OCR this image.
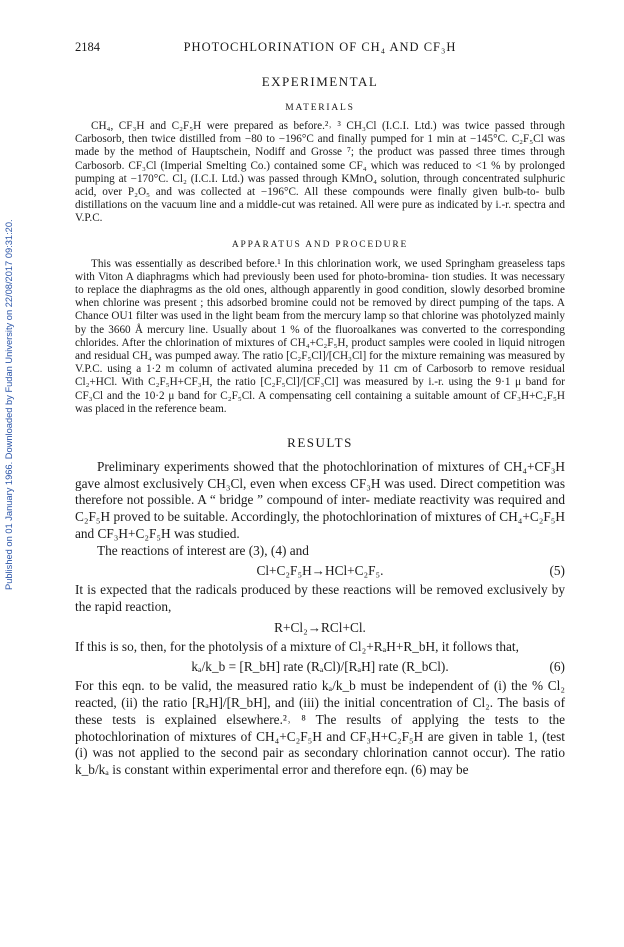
Published on 01 January 1966. Downloaded by Fudan University on 22/08/2017 09:31:20.
2184	PHOTOCHLORINATION OF CH₄ AND CF₃H
EXPERIMENTAL
MATERIALS

CH₄, CF₃H and C₂F₅H were prepared as before.²˒ ³ CH₃Cl (I.C.I. Ltd.) was twice passed through Carbosorb, then twice distilled from −80 to −196°C and finally pumped for 1 min at −145°C. C₂F₅Cl was made by the method of Hauptschein, Nodiff and Grosse ⁷; the product was passed three times through Carbosorb. CF₃Cl (Imperial Smelting Co.) contained some CF₄ which was reduced to <1 % by prolonged pumping at −170°C. Cl₂ (I.C.I. Ltd.) was passed through KMnO₄ solution, through concentrated sulphuric acid, over P₂O₅ and was collected at −196°C. All these compounds were finally given bulb-to- bulb distillations on the vacuum line and a middle-cut was retained. All were pure as indicated by i.-r. spectra and V.P.C.

APPARATUS AND PROCEDURE

This was essentially as described before.¹ In this chlorination work, we used Springham greaseless taps with Viton A diaphragms which had previously been used for photo-bromina- tion studies. It was necessary to replace the diaphragms as the old ones, although apparently in good condition, slowly desorbed bromine when chlorine was present ; this adsorbed bromine could not be removed by direct pumping of the taps. A Chance OU1 filter was used in the light beam from the mercury lamp so that chlorine was photolyzed mainly by the 3660 Å mercury line. Usually about 1 % of the fluoroalkanes was converted to the corresponding chlorides. After the chlorination of mixtures of CH₄+C₂F₅H, product samples were cooled in liquid nitrogen and residual CH₄ was pumped away. The ratio [C₂F₅Cl]/[CH₃Cl] for the mixture remaining was measured by V.P.C. using a 1·2 m column of activated alumina preceded by 11 cm of Carbosorb to remove residual Cl₂+HCl. With C₂F₅H+CF₃H, the ratio [C₂F₅Cl]/[CF₃Cl] was measured by i.-r. using the 9·1 μ band for CF₃Cl and the 10·2 μ band for C₂F₅Cl. A compensating cell containing a suitable amount of CF₃H+C₂F₅H was placed in the reference beam.

RESULTS

Preliminary experiments showed that the photochlorination of mixtures of CH₄+CF₃H gave almost exclusively CH₃Cl, even when excess CF₃H was used. Direct competition was therefore not possible. A “ bridge ” compound of inter- mediate reactivity was required and C₂F₅H proved to be suitable. Accordingly, the photochlorination of mixtures of CH₄+C₂F₅H and CF₃H+C₂F₅H was studied.

The reactions of interest are (3), (4) and

Cl+C₂F₅H→HCl+C₂F₅.	(5)

It is expected that the radicals produced by these reactions will be removed exclusively by the rapid reaction,

R+Cl₂→RCl+Cl.

If this is so, then, for the photolysis of a mixture of Cl₂+RₐH+R_bH, it follows that,

kₐ/k_b = [R_bH] rate (RₐCl)/[RₐH] rate (R_bCl).	(6)

For this eqn. to be valid, the measured ratio kₐ/k_b must be independent of (i) the % Cl₂ reacted, (ii) the ratio [RₐH]/[R_bH], and (iii) the initial concentration of Cl₂. The basis of these tests is explained elsewhere.²˒ ⁸ The results of applying the tests to the photochlorination of mixtures of CH₄+C₂F₅H and CF₃H+C₂F₅H are given in table 1, (test (i) was not applied to the second pair as secondary chlorination cannot occur). The ratio k_b/kₐ is constant within experimental error and therefore eqn. (6) may be
